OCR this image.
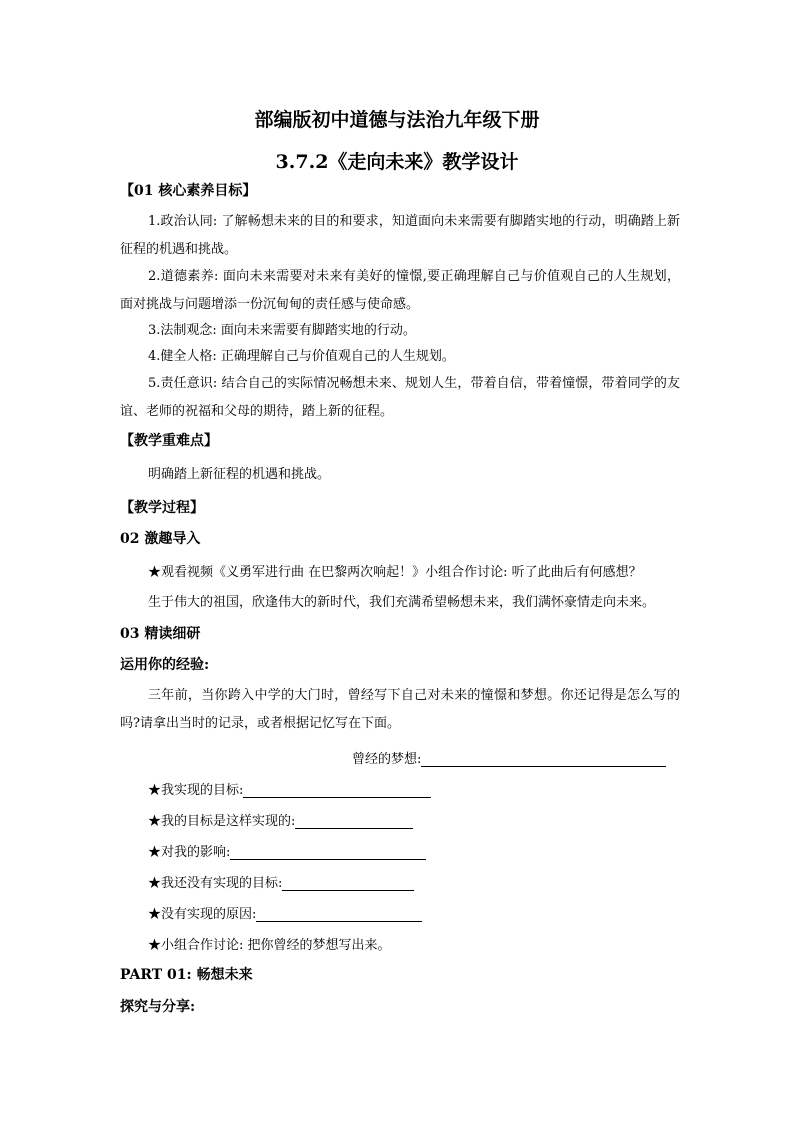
部编版初中道德与法治九年级下册
3.7.2《走向未来》教学设计
【01 核心素养目标】
1.政治认同: 了解畅想未来的目的和要求，知道面向未来需要有脚踏实地的行动，明确踏上新征程的机遇和挑战。
2.道德素养: 面向未来需要对未来有美好的憧憬,要正确理解自己与价值观自己的人生规划，面对挑战与问题增添一份沉甸甸的责任感与使命感。
3.法制观念: 面向未来需要有脚踏实地的行动。
4.健全人格: 正确理解自己与价值观自己的人生规划。
5.责任意识: 结合自己的实际情况畅想未来、规划人生，带着自信，带着憧憬，带着同学的友谊、老师的祝福和父母的期待，踏上新的征程。
【教学重难点】
明确踏上新征程的机遇和挑战。
【教学过程】
02 激趣导入
★观看视频《义勇军进行曲 在巴黎两次响起！》小组合作讨论: 听了此曲后有何感想？
生于伟大的祖国，欣逢伟大的新时代，我们充满希望畅想未来，我们满怀豪情走向未来。
03 精读细研
运用你的经验:
三年前，当你跨入中学的大门时，曾经写下自己对未来的憧憬和梦想。你还记得是怎么写的吗?请拿出当时的记录，或者根据记忆写在下面。
曾经的梦想:
★我实现的目标:
★我的目标是这样实现的:
★对我的影响:
★我还没有实现的目标:
★没有实现的原因:
★小组合作讨论: 把你曾经的梦想写出来。
PART 01: 畅想未来
探究与分享:
